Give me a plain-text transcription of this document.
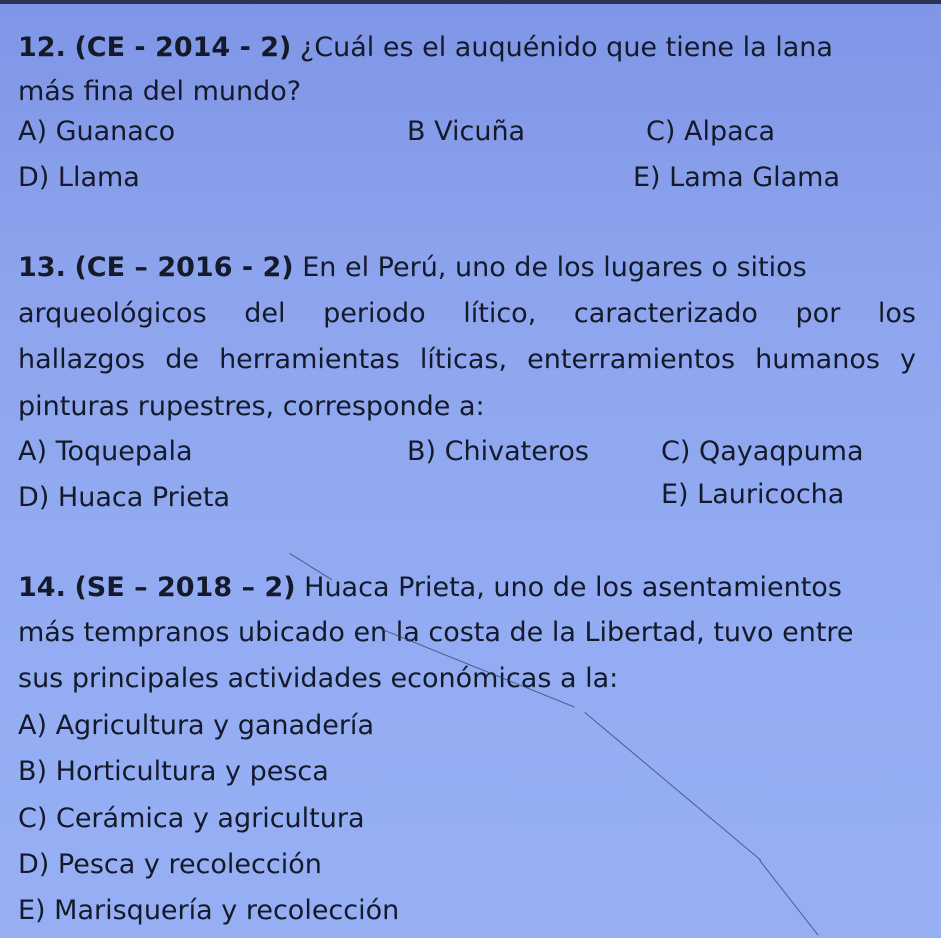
12. (CE - 2014 - 2) ¿Cuál es el auquénido que tiene la lana
más fina del mundo?
A) Guanaco	B Vicuña	C) Alpaca
D) Llama	E) Lama Glama
13. (CE – 2016 - 2) En el Perú, uno de los lugares o sitios
arqueológicos del periodo lítico, caracterizado por los
hallazgos de herramientas líticas, enterramientos humanos y
pinturas rupestres, corresponde a:
A) Toquepala	B) Chivateros	C) Qayaqpuma
D) Huaca Prieta	E) Lauricocha
14. (SE – 2018 – 2) Huaca Prieta, uno de los asentamientos
más tempranos ubicado en la costa de la Libertad, tuvo entre
sus principales actividades económicas a la:
A) Agricultura y ganadería
B) Horticultura y pesca
C) Cerámica y agricultura
D) Pesca y recolección
E) Marisquería y recolección
